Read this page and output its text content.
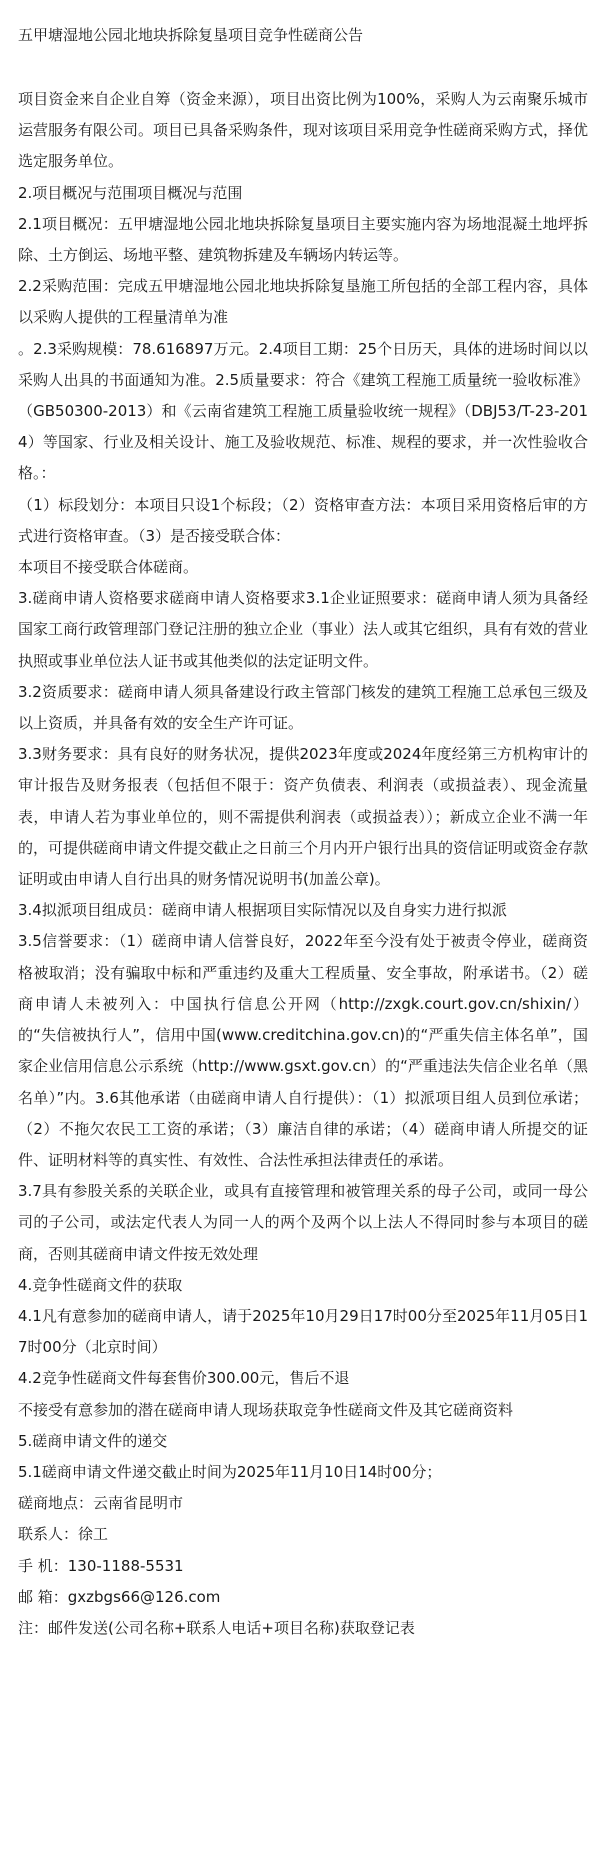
五甲塘湿地公园北地块拆除复垦项目竞争性磋商公告

项目资金来自企业自筹（资金来源），项目出资比例为100%，采购人为云南聚乐城市运营服务有限公司。项目已具备采购条件，现对该项目采用竞争性磋商采购方式，择优选定服务单位。

2.项目概况与范围项目概况与范围

2.1项目概况：五甲塘湿地公园北地块拆除复垦项目主要实施内容为场地混凝土地坪拆除、土方倒运、场地平整、建筑物拆建及车辆场内转运等。

2.2采购范围：完成五甲塘湿地公园北地块拆除复垦施工所包括的全部工程内容，具体以采购人提供的工程量清单为准

。2.3采购规模：78.616897万元。2.4项目工期：25个日历天，具体的进场时间以以采购人出具的书面通知为准。2.5质量要求：符合《建筑工程施工质量统一验收标准》（GB50300-2013）和《云南省建筑工程施工质量验收统一规程》（DBJ53/T-23-2014）等国家、行业及相关设计、施工及验收规范、标准、规程的要求，并一次性验收合格。：

（1）标段划分：本项目只设1个标段；（2）资格审查方法：本项目采用资格后审的方式进行资格审查。（3）是否接受联合体：

本项目不接受联合体磋商。

3.磋商申请人资格要求磋商申请人资格要求3.1企业证照要求：磋商申请人须为具备经国家工商行政管理部门登记注册的独立企业（事业）法人或其它组织，具有有效的营业执照或事业单位法人证书或其他类似的法定证明文件。

3.2资质要求：磋商申请人须具备建设行政主管部门核发的建筑工程施工总承包三级及以上资质，并具备有效的安全生产许可证。

3.3财务要求：具有良好的财务状况，提供2023年度或2024年度经第三方机构审计的审计报告及财务报表（包括但不限于：资产负债表、利润表（或损益表）、现金流量表，申请人若为事业单位的，则不需提供利润表（或损益表））；新成立企业不满一年的，可提供磋商申请文件提交截止之日前三个月内开户银行出具的资信证明或资金存款证明或由申请人自行出具的财务情况说明书(加盖公章)。

3.4拟派项目组成员：磋商申请人根据项目实际情况以及自身实力进行拟派

3.5信誉要求：（1）磋商申请人信誉良好，2022年至今没有处于被责令停业，磋商资格被取消；没有骗取中标和严重违约及重大工程质量、安全事故，附承诺书。（2）磋商申请人未被列入：中国执行信息公开网（http://zxgk.court.gov.cn/shixin/）的“失信被执行人”，信用中国(www.creditchina.gov.cn)的“严重失信主体名单”，国家企业信用信息公示系统（http://www.gsxt.gov.cn）的“严重违法失信企业名单（黑名单）”内。3.6其他承诺（由磋商申请人自行提供）：（1）拟派项目组人员到位承诺；（2）不拖欠农民工工资的承诺；（3）廉洁自律的承诺；（4）磋商申请人所提交的证件、证明材料等的真实性、有效性、合法性承担法律责任的承诺。

3.7具有参股关系的关联企业，或具有直接管理和被管理关系的母子公司，或同一母公司的子公司，或法定代表人为同一人的两个及两个以上法人不得同时参与本项目的磋商，否则其磋商申请文件按无效处理

4.竞争性磋商文件的获取

4.1凡有意参加的磋商申请人，请于2025年10月29日17时00分至2025年11月05日17时00分（北京时间）

4.2竞争性磋商文件每套售价300.00元，售后不退

不接受有意参加的潜在磋商申请人现场获取竞争性磋商文件及其它磋商资料

5.磋商申请文件的递交

5.1磋商申请文件递交截止时间为2025年11月10日14时00分；

磋商地点：云南省昆明市

联系人：徐工

手 机：130-1188-5531

邮 箱：gxzbgs66@126.com

注：邮件发送(公司名称+联系人电话+项目名称)获取登记表
